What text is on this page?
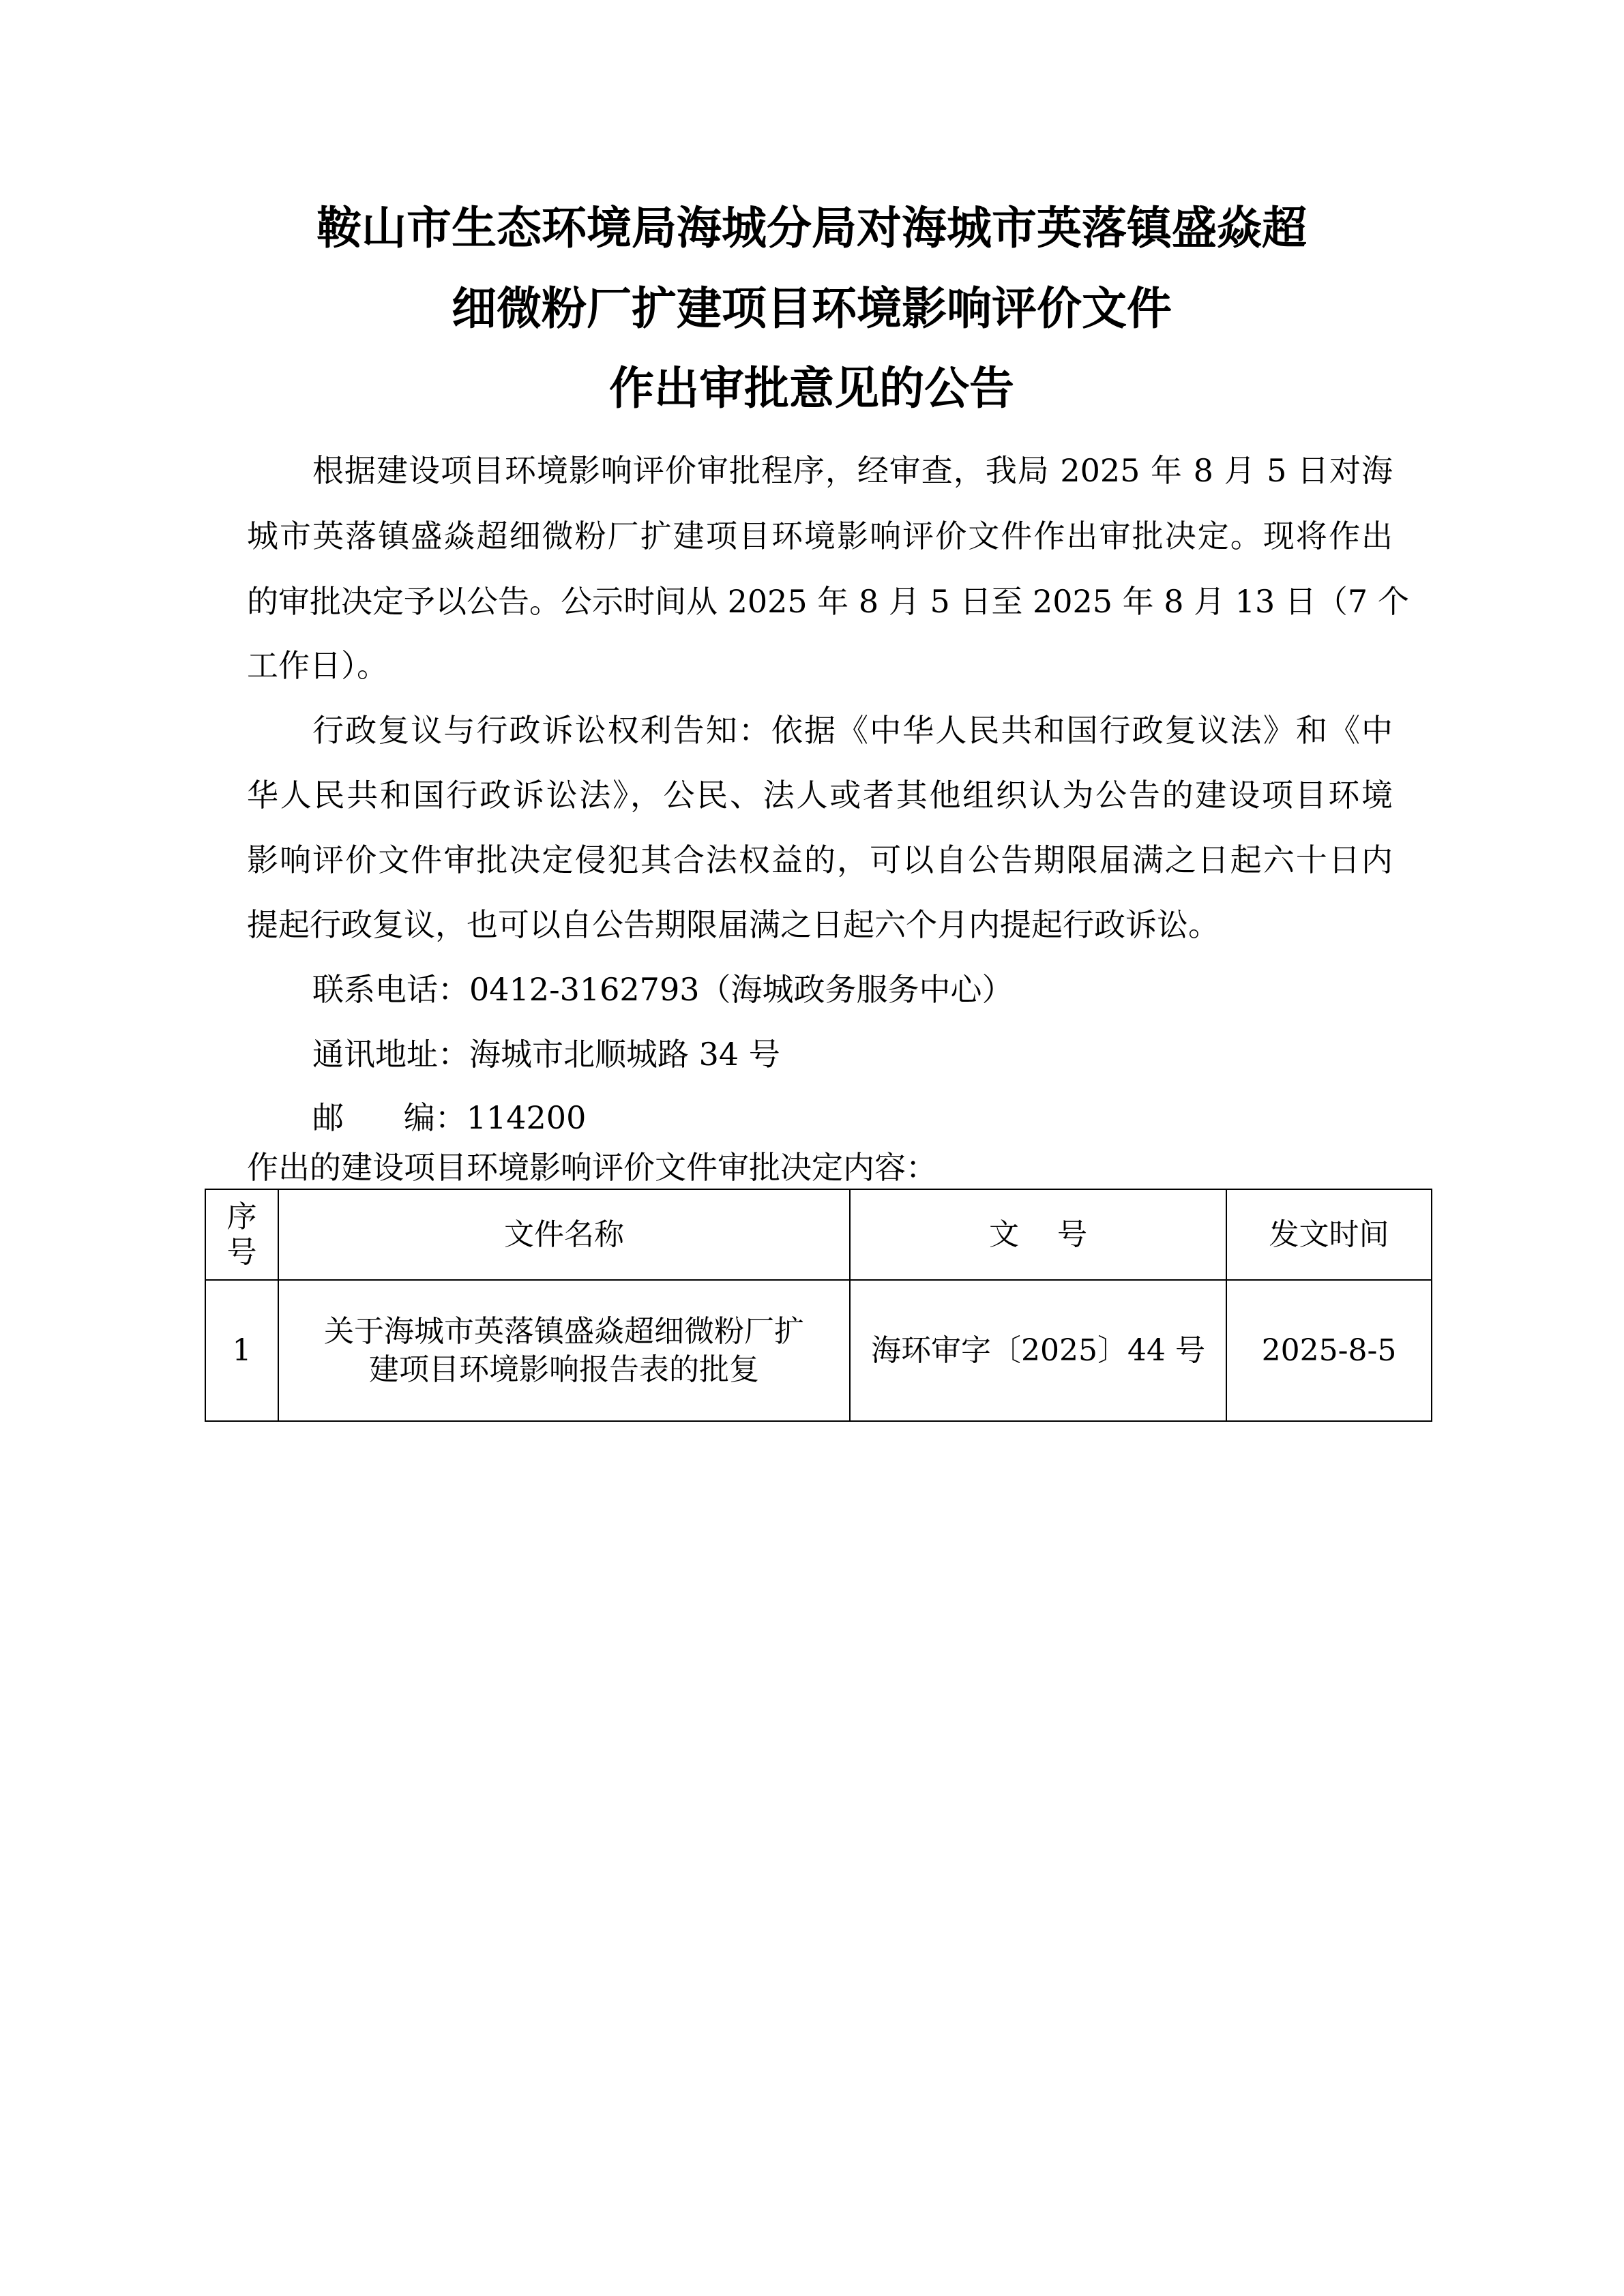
鞍山市生态环境局海城分局对海城市英落镇盛焱超
细微粉厂扩建项目环境影响评价文件
作出审批意见的公告
根据建设项目环境影响评价审批程序，经审查，我局 2025 年 8 月 5 日对海
城市英落镇盛焱超细微粉厂扩建项目环境影响评价文件作出审批决定。现将作出
的审批决定予以公告。公示时间从 2025 年 8 月 5 日至 2025 年 8 月 13 日（7 个
工作日）。
行政复议与行政诉讼权利告知：依据《中华人民共和国行政复议法》和《中
华人民共和国行政诉讼法》，公民、法人或者其他组织认为公告的建设项目环境
影响评价文件审批决定侵犯其合法权益的，可以自公告期限届满之日起六十日内
提起行政复议，也可以自公告期限届满之日起六个月内提起行政诉讼。
联系电话：0412-3162793（海城政务服务中心）
通讯地址：海城市北顺城路 34 号
邮      编：114200
作出的建设项目环境影响评价文件审批决定内容：
序
号	文件名称	文    号	发文时间
1	关于海城市英落镇盛焱超细微粉厂扩
建项目环境影响报告表的批复	海环审字〔2025〕44 号	2025-8-5
